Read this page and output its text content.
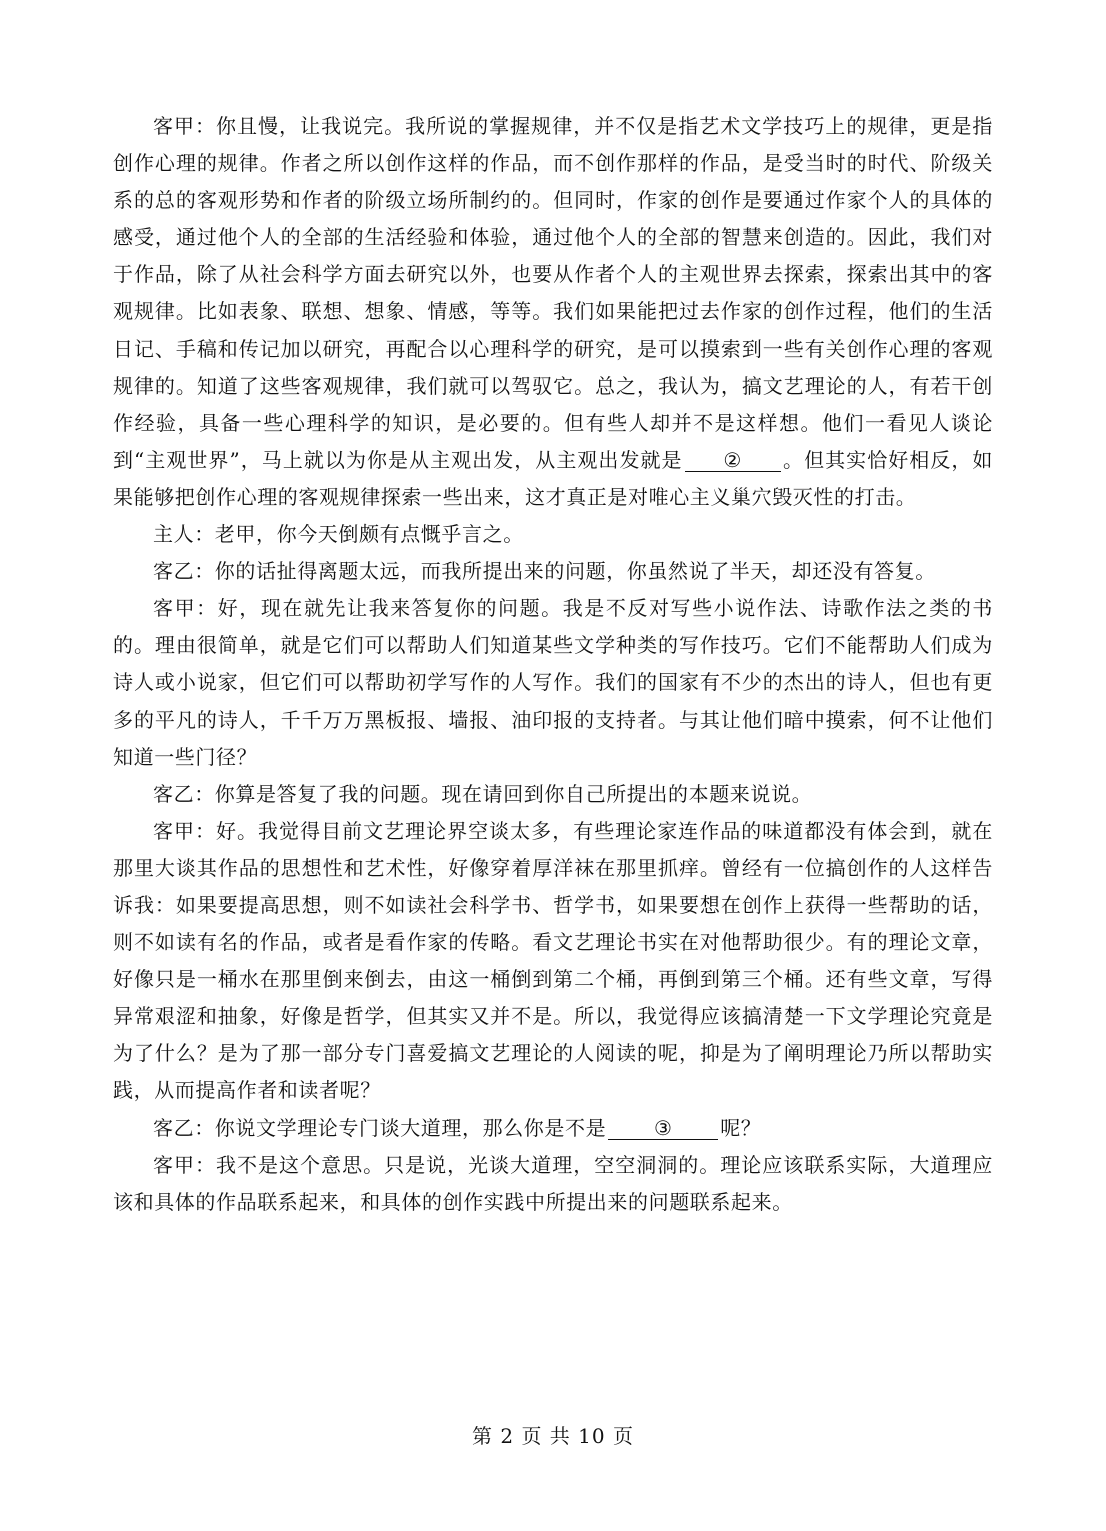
客甲：你且慢，让我说完。我所说的掌握规律，并不仅是指艺术文学技巧上的规律，更是指创作心理的规律。作者之所以创作这样的作品，而不创作那样的作品，是受当时的时代、阶级关系的总的客观形势和作者的阶级立场所制约的。但同时，作家的创作是要通过作家个人的具体的感受，通过他个人的全部的生活经验和体验，通过他个人的全部的智慧来创造的。因此，我们对于作品，除了从社会科学方面去研究以外，也要从作者个人的主观世界去探索，探索出其中的客观规律。比如表象、联想、想象、情感，等等。我们如果能把过去作家的创作过程，他们的生活日记、手稿和传记加以研究，再配合以心理科学的研究，是可以摸索到一些有关创作心理的客观规律的。知道了这些客观规律，我们就可以驾驭它。总之，我认为，搞文艺理论的人，有若干创作经验，具备一些心理科学的知识，是必要的。但有些人却并不是这样想。他们一看见人谈论到“主观世界”，马上就以为你是从主观出发，从主观出发就是 ② 。但其实恰好相反，如果能够把创作心理的客观规律探索一些出来，这才真正是对唯心主义巢穴毁灭性的打击。

主人：老甲，你今天倒颇有点慨乎言之。

客乙：你的话扯得离题太远，而我所提出来的问题，你虽然说了半天，却还没有答复。

客甲：好，现在就先让我来答复你的问题。我是不反对写些小说作法、诗歌作法之类的书的。理由很简单，就是它们可以帮助人们知道某些文学种类的写作技巧。它们不能帮助人们成为诗人或小说家，但它们可以帮助初学写作的人写作。我们的国家有不少的杰出的诗人，但也有更多的平凡的诗人，千千万万黑板报、墙报、油印报的支持者。与其让他们暗中摸索，何不让他们知道一些门径？

客乙：你算是答复了我的问题。现在请回到你自己所提出的本题来说说。

客甲：好。我觉得目前文艺理论界空谈太多，有些理论家连作品的味道都没有体会到，就在那里大谈其作品的思想性和艺术性，好像穿着厚洋袜在那里抓痒。曾经有一位搞创作的人这样告诉我：如果要提高思想，则不如读社会科学书、哲学书，如果要想在创作上获得一些帮助的话，则不如读有名的作品，或者是看作家的传略。看文艺理论书实在对他帮助很少。有的理论文章，好像只是一桶水在那里倒来倒去，由这一桶倒到第二个桶，再倒到第三个桶。还有些文章，写得异常艰涩和抽象，好像是哲学，但其实又并不是。所以，我觉得应该搞清楚一下文学理论究竟是为了什么？是为了那一部分专门喜爱搞文艺理论的人阅读的呢，抑是为了阐明理论乃所以帮助实践，从而提高作者和读者呢？

客乙：你说文学理论专门谈大道理，那么你是不是 ③ 呢？

客甲：我不是这个意思。只是说，光谈大道理，空空洞洞的。理论应该联系实际，大道理应该和具体的作品联系起来，和具体的创作实践中所提出来的问题联系起来。

第 2 页 共 10 页
